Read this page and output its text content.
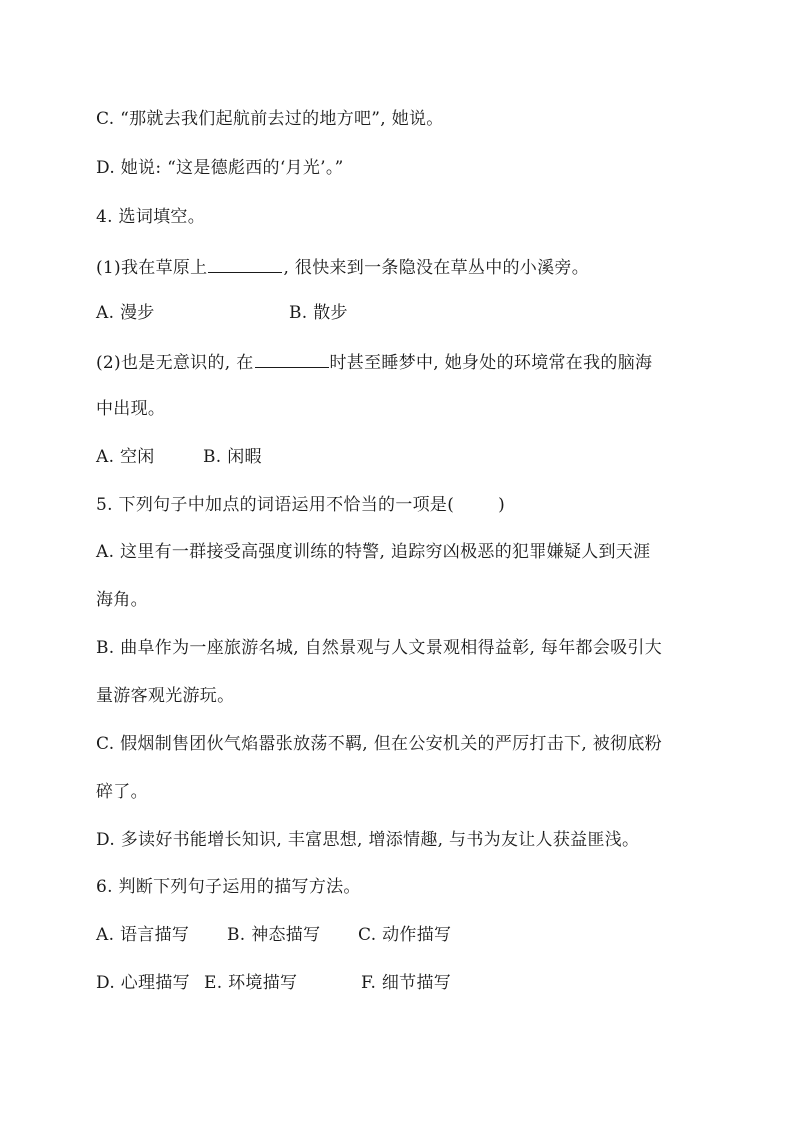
C. “那就去我们起航前去过的地方吧”, 她说。
D. 她说: “这是德彪西的‘月光’。”
4. 选词填空。
(1)我在草原上	, 很快来到一条隐没在草丛中的小溪旁。
A. 漫步	B. 散步
(2)也是无意识的, 在	时甚至睡梦中, 她身处的环境常在我的脑海
中出现。
A. 空闲	B. 闲暇
5. 下列句子中加点的词语运用不恰当的一项是(	)
A. 这里有一群接受高强度训练的特警, 追踪穷凶极恶的犯罪嫌疑人到天涯
海角。
B. 曲阜作为一座旅游名城, 自然景观与人文景观相得益彰, 每年都会吸引大
量游客观光游玩。
C. 假烟制售团伙气焰嚣张放荡不羁, 但在公安机关的严厉打击下, 被彻底粉
碎了。
D. 多读好书能增长知识, 丰富思想, 增添情趣, 与书为友让人获益匪浅。
6. 判断下列句子运用的描写方法。
A. 语言描写 B. 神态描写 C. 动作描写
D. 心理描写 E. 环境描写	F. 细节描写
